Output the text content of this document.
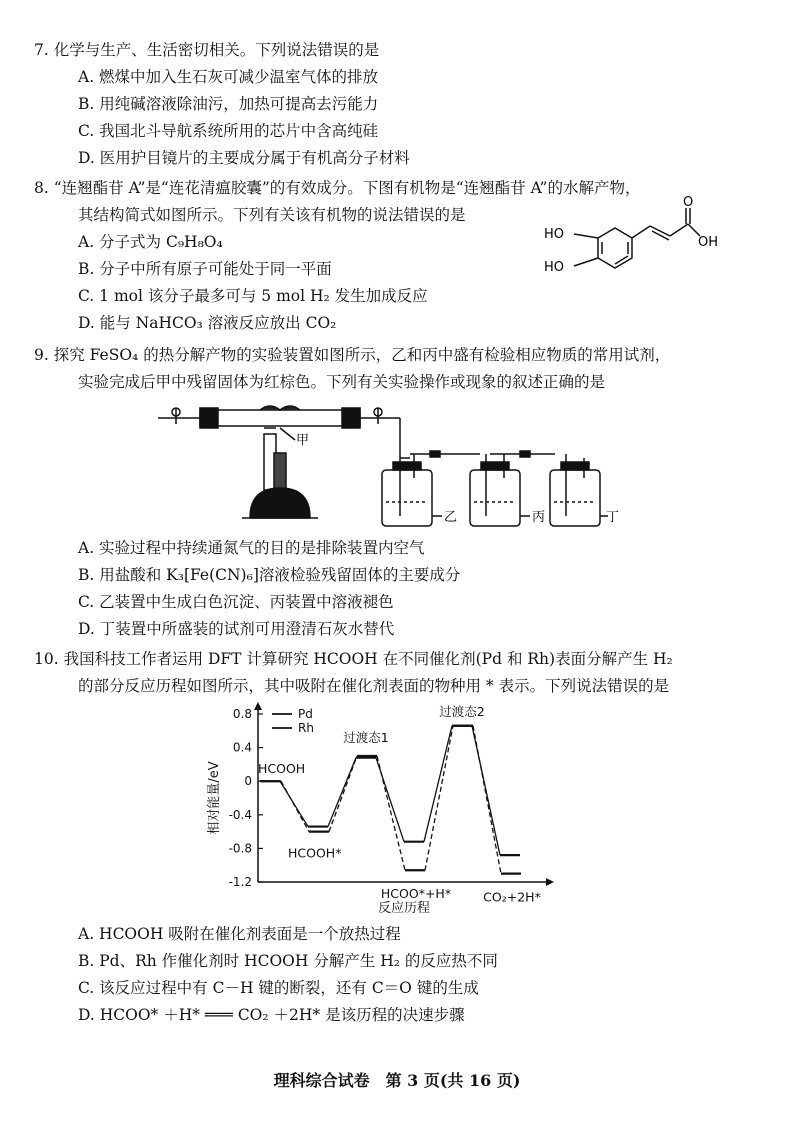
7. 化学与生产、生活密切相关。下列说法错误的是
A. 燃煤中加入生石灰可减少温室气体的排放
B. 用纯碱溶液除油污，加热可提高去污能力
C. 我国北斗导航系统所用的芯片中含高纯硅
D. 医用护目镜片的主要成分属于有机高分子材料
8. “连翘酯苷 A”是“连花清瘟胶囊”的有效成分。下图有机物是“连翘酯苷 A”的水解产物，
其结构简式如图所示。下列有关该有机物的说法错误的是
A. 分子式为 C₉H₈O₄
B. 分子中所有原子可能处于同一平面
C. 1 mol 该分子最多可与 5 mol H₂ 发生加成反应
D. 能与 NaHCO₃ 溶液反应放出 CO₂
HO
HO
O
OH
9. 探究 FeSO₄ 的热分解产物的实验装置如图所示，乙和丙中盛有检验相应物质的常用试剂，
实验完成后甲中残留固体为红棕色。下列有关实验操作或现象的叙述正确的是
甲
乙	丙	丁
A. 实验过程中持续通氮气的目的是排除装置内空气
B. 用盐酸和 K₃[Fe(CN)₆]溶液检验残留固体的主要成分
C. 乙装置中生成白色沉淀、丙装置中溶液褪色
D. 丁装置中所盛装的试剂可用澄清石灰水替代
10. 我国科技工作者运用 DFT 计算研究 HCOOH 在不同催化剂(Pd 和 Rh)表面分解产生 H₂
的部分反应历程如图所示，其中吸附在催化剂表面的物种用 * 表示。下列说法错误的是
0.8
0.4
0
-0.4
-0.8
-1.2
相对能量/eV
反应历程
Pd
Rh
HCOOH
HCOOH*
过渡态1
HCOO*+H*
过渡态2
CO₂+2H*
A. HCOOH 吸附在催化剂表面是一个放热过程
B. Pd、Rh 作催化剂时 HCOOH 分解产生 H₂ 的反应热不同
C. 该反应过程中有 C－H 键的断裂，还有 C＝O 键的生成
D. HCOO* ＋H* ═══ CO₂ ＋2H* 是该历程的决速步骤
理科综合试卷　第 3 页(共 16 页)
